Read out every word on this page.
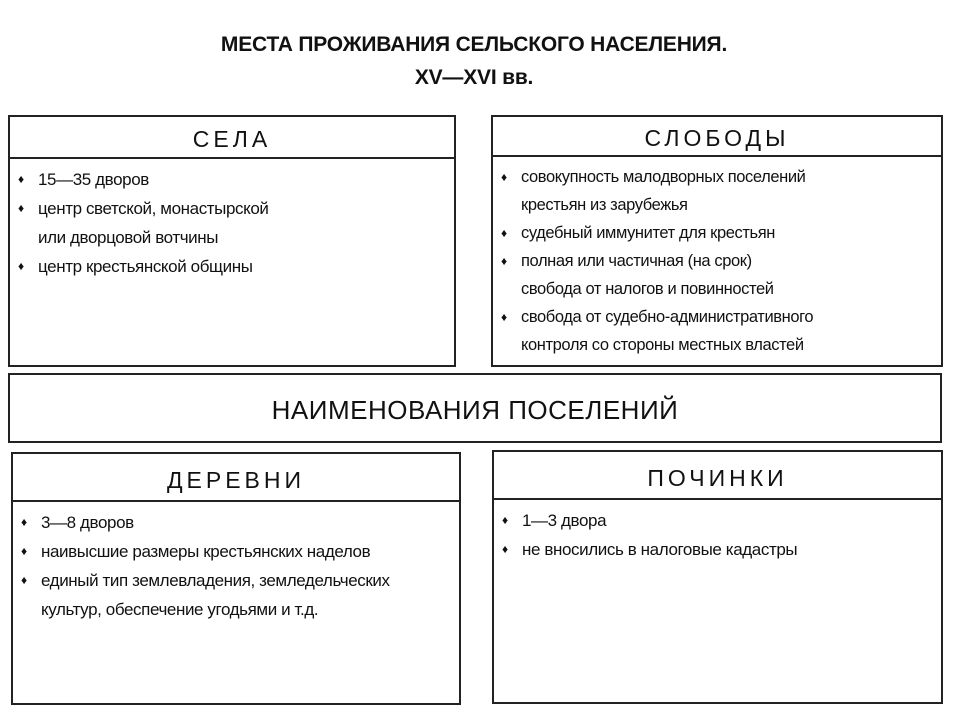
МЕСТА ПРОЖИВАНИЯ СЕЛЬСКОГО НАСЕЛЕНИЯ.
XV—XVI вв.
СЕЛА
♦ 15—35 дворов
♦ центр светской, монастырской
или дворцовой вотчины
♦ центр крестьянской общины
СЛОБОДЫ
♦ совокупность малодворных поселений
крестьян из зарубежья
♦ судебный иммунитет для крестьян
♦ полная или частичная (на срок)
свобода от налогов и повинностей
♦ свобода от судебно-административного
контроля со стороны местных властей
НАИМЕНОВАНИЯ ПОСЕЛЕНИЙ
ДЕРЕВНИ
♦ 3—8 дворов
♦ наивысшие размеры крестьянских наделов
♦ единый тип землевладения, земледельческих
культур, обеспечение угодьями и т.д.
ПОЧИНКИ
♦ 1—3 двора
♦ не вносились в налоговые кадастры
